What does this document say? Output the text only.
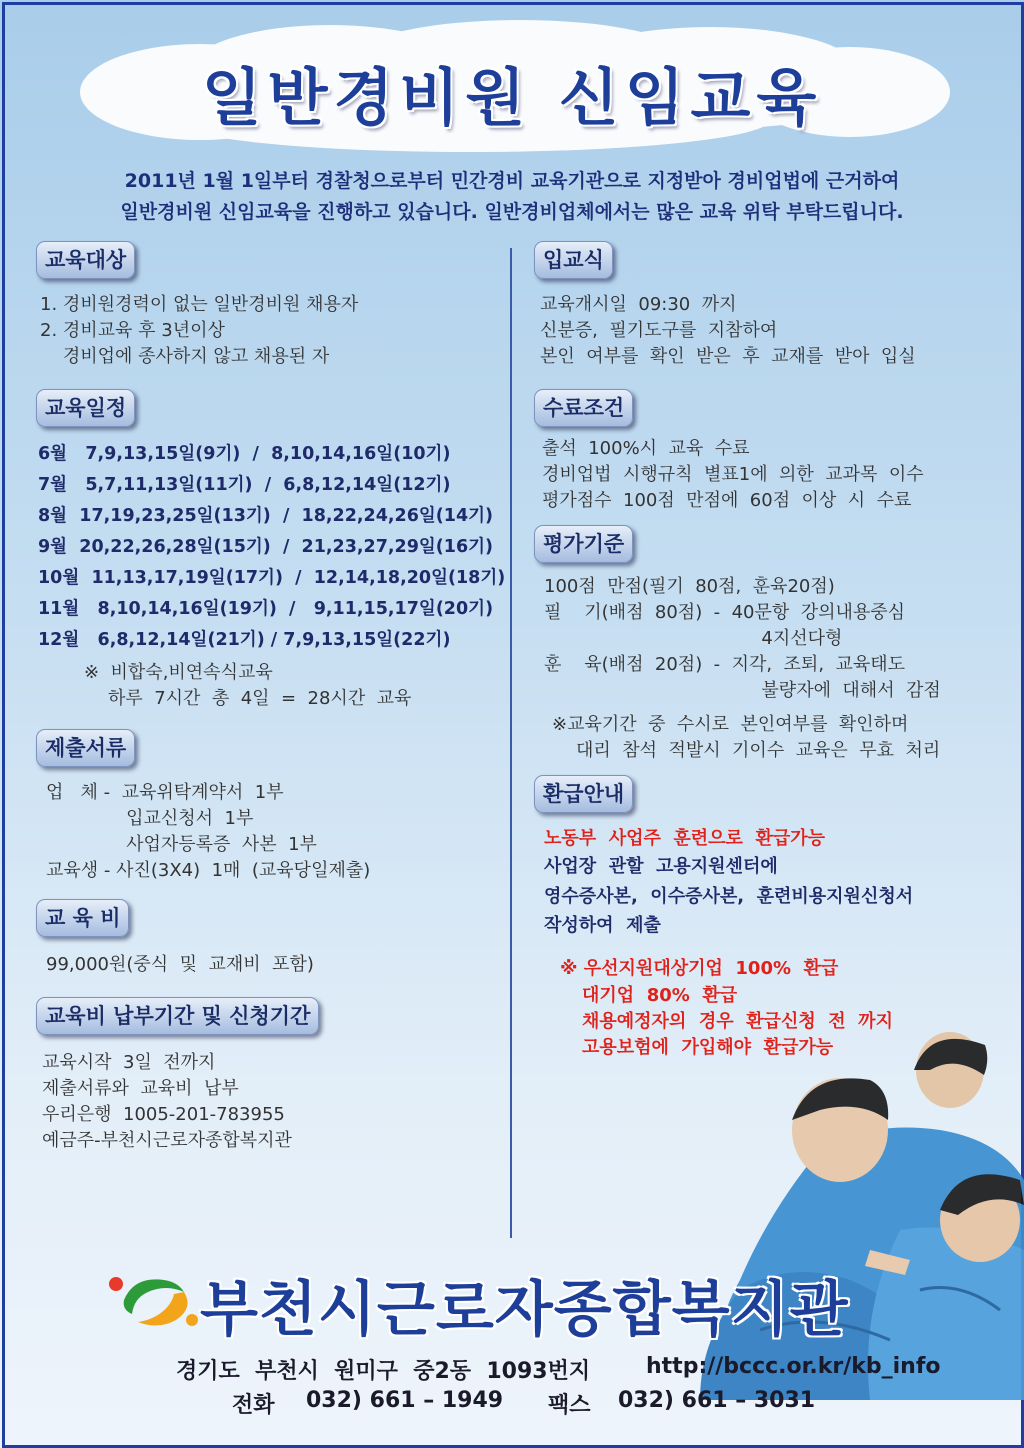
일반경비원 신임교육
2011년 1월 1일부터 경찰청으로부터 민간경비 교육기관으로 지정받아 경비업법에 근거하여
일반경비원 신임교육을 진행하고 있습니다. 일반경비업체에서는 많은 교육 위탁 부탁드립니다.
교육대상
1. 경비원경력이 없는 일반경비원 채용자
2. 경비교육 후 3년이상
경비업에 종사하지 않고 채용된 자
교육일정
6월   7,9,13,15일(9기)  /  8,10,14,16일(10기)
7월   5,7,11,13일(11기)  /  6,8,12,14일(12기)
8월  17,19,23,25일(13기)  /  18,22,24,26일(14기)
9월  20,22,26,28일(15기)  /  21,23,27,29일(16기)
10월  11,13,17,19일(17기)  /  12,14,18,20일(18기)
11월   8,10,14,16일(19기)  /   9,11,15,17일(20기)
12월   6,8,12,14일(21기) / 7,9,13,15일(22기)
※  비합숙,비연속식교육
하루  7시간  총  4일  =  28시간  교육
제출서류
업   체 -  교육위탁계약서  1부
입교신청서  1부
사업자등록증  사본  1부
교육생 - 사진(3X4)  1매  (교육당일제출)
교 육 비
99,000원(중식  및  교재비  포함)
교육비 납부기간 및 신청기간
교육시작  3일  전까지
제출서류와  교육비  납부
우리은행  1005-201-783955
예금주-부천시근로자종합복지관
입교식
교육개시일  09:30  까지
신분증,  필기도구를  지참하여
본인  여부를  확인  받은  후  교재를  받아  입실
수료조건
출석  100%시  교육  수료
경비업법  시행규칙  별표1에  의한  교과목  이수
평가점수  100점  만점에  60점  이상  시  수료
평가기준
100점  만점(필기  80점,  훈육20점)
필    기(배점  80점)  -  40문항  강의내용중심
4지선다형
훈    육(배점  20점)  -  지각,  조퇴,  교육태도
불량자에  대해서  감점
※교육기간  중  수시로  본인여부를  확인하며
대리  참석  적발시  기이수  교육은  무효  처리
환급안내
노동부  사업주  훈련으로  환급가능
사업장  관할  고용지원센터에
영수증사본,  이수증사본,  훈련비용지원신청서
작성하여  제출
※ 우선지원대상기업  100%  환급
대기업  80%  환급
채용예정자의  경우  환급신청  전  까지
고용보험에  가입해야  환급가능
부천시근로자종합복지관
경기도  부천시  원미구  중2동  1093번지	http://bccc.or.kr/kb_info
전화 032) 661 – 1949 팩스 032) 661 – 3031
